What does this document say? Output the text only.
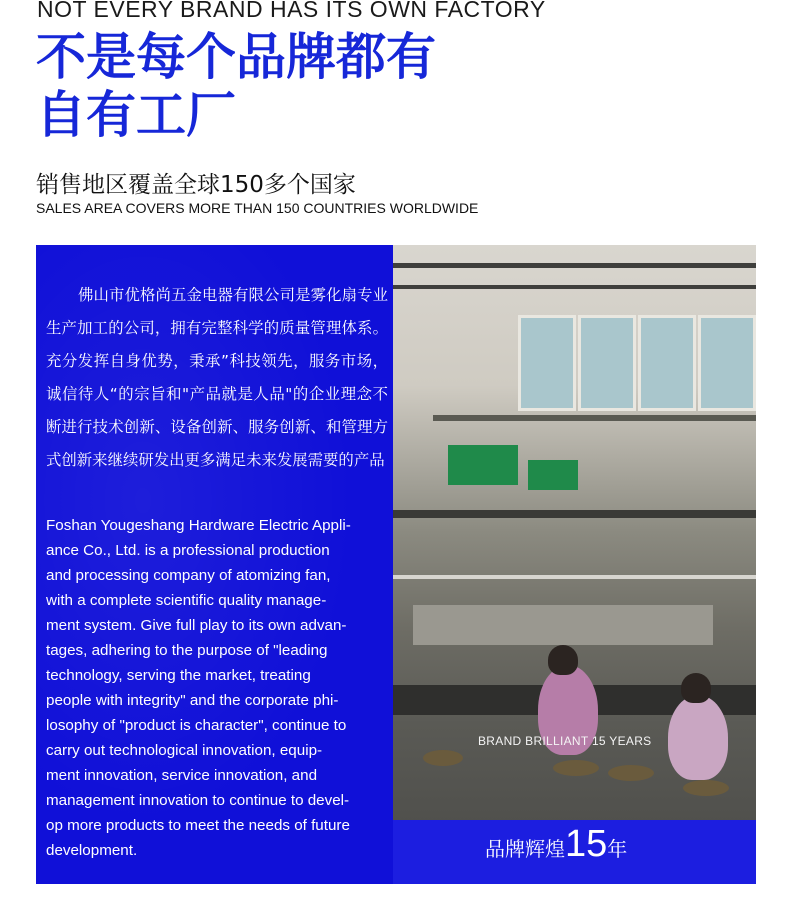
NOT EVERY BRAND HAS ITS OWN FACTORY
不是每个品牌都有
自有工厂
销售地区覆盖全球150多个国家
SALES AREA COVERS MORE THAN 150 COUNTRIES WORLDWIDE
佛山市优格尚五金电器有限公司是雾化扇专业生产加工的公司，拥有完整科学的质量管理体系。充分发挥自身优势，秉承”科技领先，服务市场，诚信待人“的宗旨和"产品就是人品"的企业理念不断进行技术创新、设备创新、服务创新、和管理方式创新来继续研发出更多满足未来发展需要的产品
Foshan Yougeshang Hardware Electric Appli-
ance Co., Ltd. is a professional production
and processing company of atomizing fan,
with a complete scientific quality manage-
ment system. Give full play to its own advan-
tages, adhering to the purpose of "leading
technology, serving the market, treating
people with integrity" and the corporate phi-
losophy of "product is character", continue to
carry out technological innovation, equip-
ment innovation, service innovation, and
management innovation to continue to devel-
op more products to meet the needs of future
development.
BRAND BRILLIANT 15 YEARS
品牌辉煌15年
